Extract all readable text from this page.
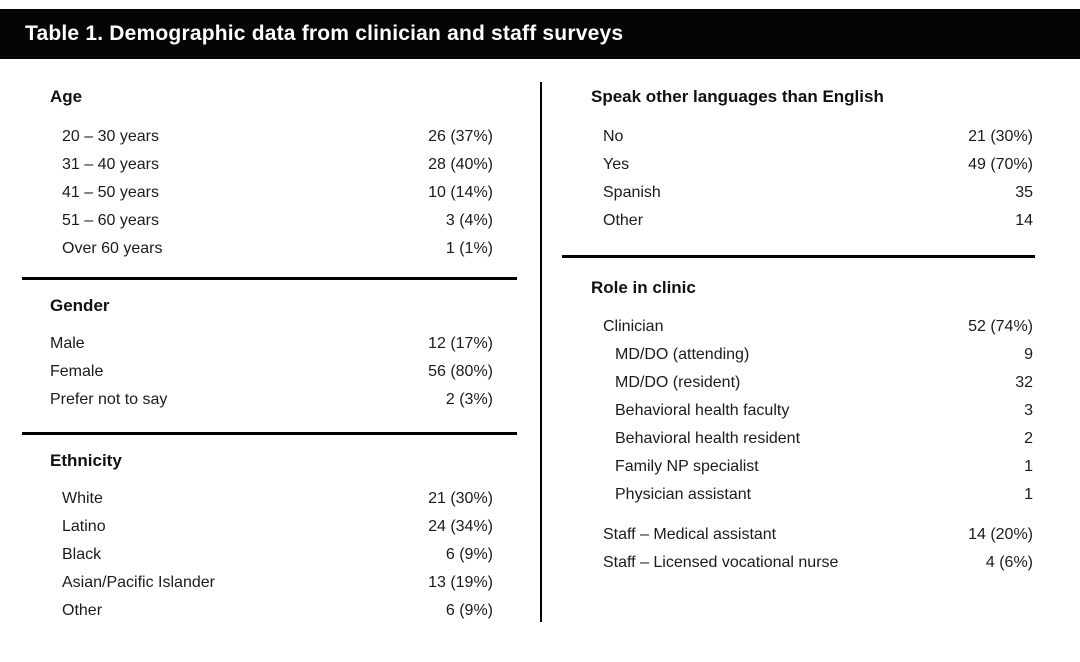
Table 1. Demographic data from clinician and staff surveys
Age
20 – 30 years	26 (37%)
31 – 40 years	28 (40%)
41 – 50 years	10 (14%)
51 – 60 years	3 (4%)
Over 60 years	1 (1%)
Gender
Male	12 (17%)
Female	56 (80%)
Prefer not to say	2 (3%)
Ethnicity
White	21 (30%)
Latino	24 (34%)
Black	6 (9%)
Asian/Pacific Islander	13 (19%)
Other	6 (9%)
Speak other languages than English
No	21 (30%)
Yes	49 (70%)
Spanish	35
Other	14
Role in clinic
Clinician	52 (74%)
MD/DO (attending)	9
MD/DO (resident)	32
Behavioral health faculty	3
Behavioral health resident	2
Family NP specialist	1
Physician assistant	1
Staff – Medical assistant	14 (20%)
Staff – Licensed vocational nurse	4 (6%)
